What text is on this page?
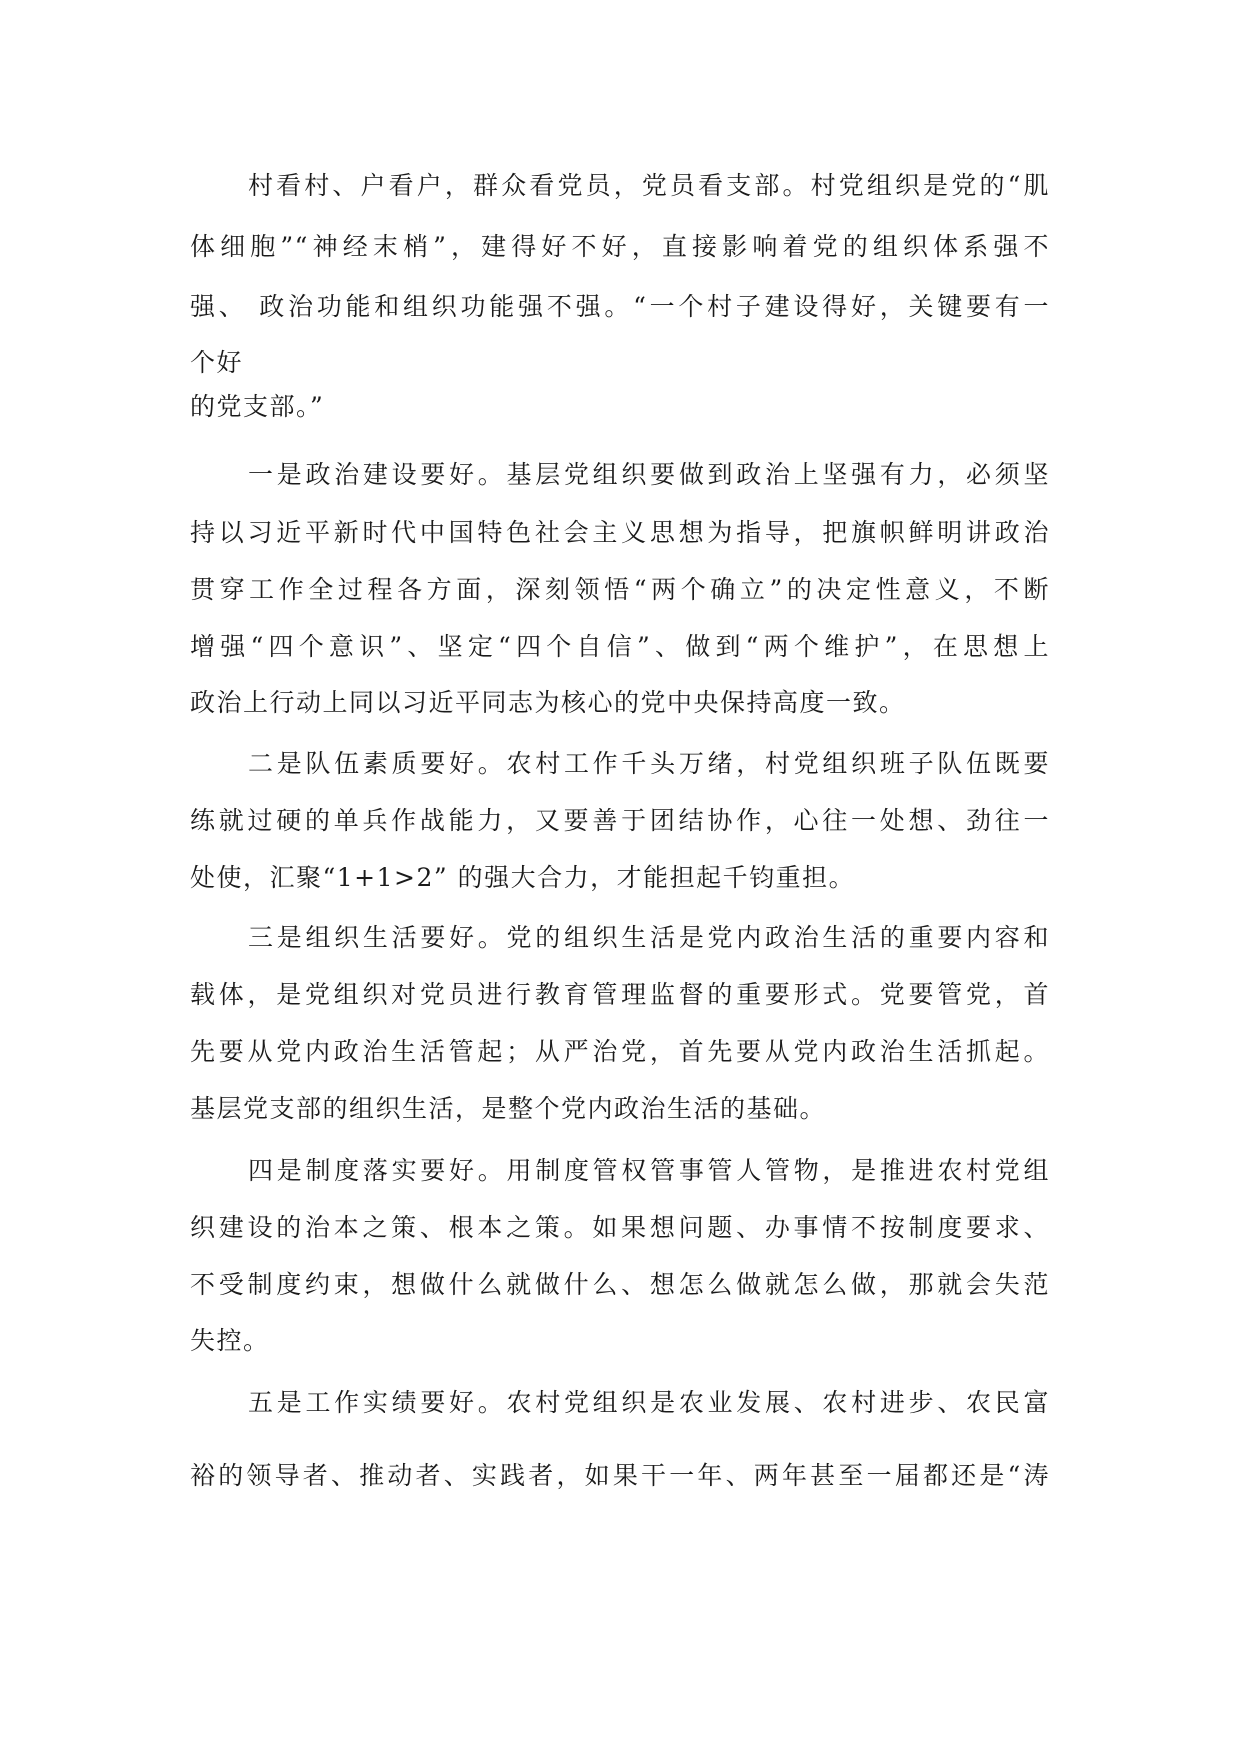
村看村、户看户，群众看党员，党员看支部。村党组织是党的“肌
体细胞”“神经末梢”，建得好不好，直接影响着党的组织体系强不
强、 政治功能和组织功能强不强。“一个村子建设得好，关键要有一
个好
的党支部。”
一是政治建设要好。基层党组织要做到政治上坚强有力，必须坚
持以习近平新时代中国特色社会主义思想为指导，把旗帜鲜明讲政治
贯穿工作全过程各方面，深刻领悟“两个确立”的决定性意义，不断
增强“四个意识”、坚定“四个自信”、做到“两个维护”，在思想上
政治上行动上同以习近平同志为核心的党中央保持高度一致。
二是队伍素质要好。农村工作千头万绪，村党组织班子队伍既要
练就过硬的单兵作战能力，又要善于团结协作，心往一处想、劲往一
处使，汇聚“1+1>2” 的强大合力，才能担起千钧重担。
三是组织生活要好。党的组织生活是党内政治生活的重要内容和
载体，是党组织对党员进行教育管理监督的重要形式。党要管党，首
先要从党内政治生活管起；从严治党，首先要从党内政治生活抓起。
基层党支部的组织生活，是整个党内政治生活的基础。
四是制度落实要好。用制度管权管事管人管物，是推进农村党组
织建设的治本之策、根本之策。如果想问题、办事情不按制度要求、
不受制度约束，想做什么就做什么、想怎么做就怎么做，那就会失范
失控。
五是工作实绩要好。农村党组织是农业发展、农村进步、农民富
裕的领导者、推动者、实践者，如果干一年、两年甚至一届都还是“涛
